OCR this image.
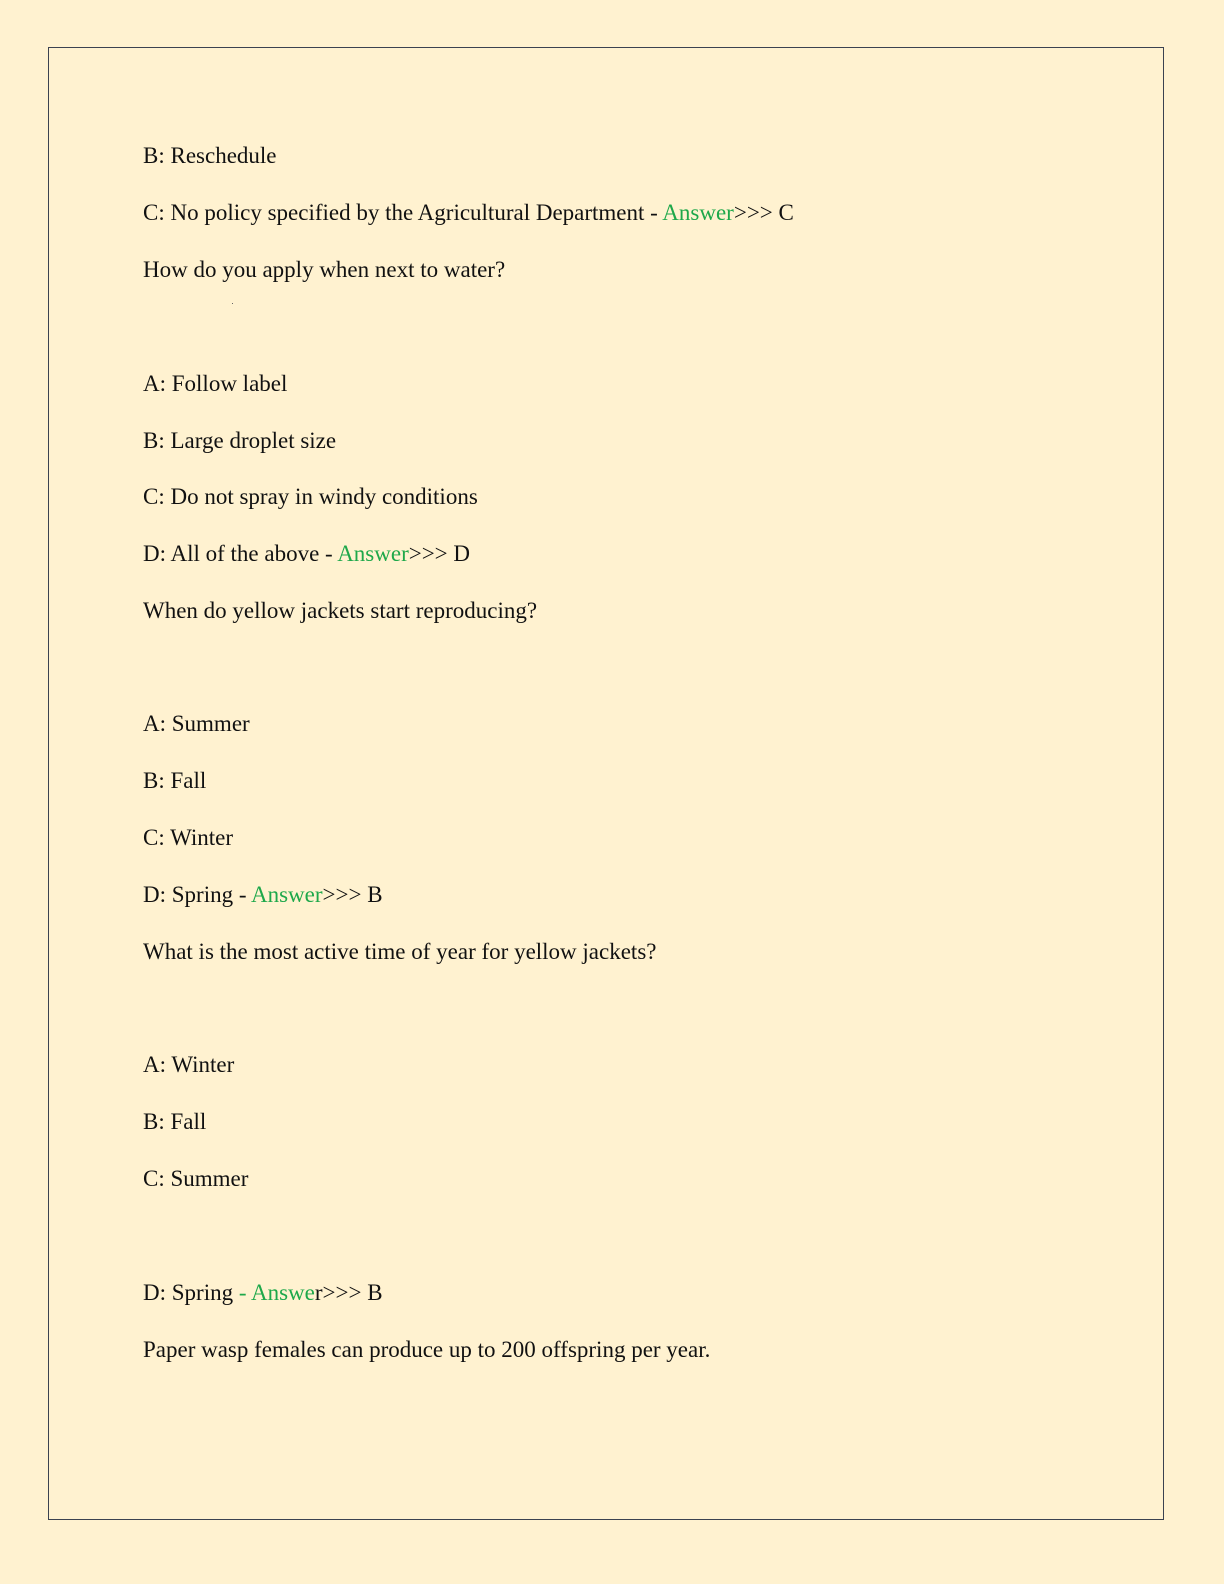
B: Reschedule
C: No policy specified by the Agricultural Department - Answer>>> C
How do you apply when next to water?
A: Follow label
B: Large droplet size
C: Do not spray in windy conditions
D: All of the above - Answer>>> D
When do yellow jackets start reproducing?
A: Summer
B: Fall
C: Winter
D: Spring - Answer>>> B
What is the most active time of year for yellow jackets?
A: Winter
B: Fall
C: Summer
D: Spring - Answer>>> B
Paper wasp females can produce up to 200 offspring per year.
